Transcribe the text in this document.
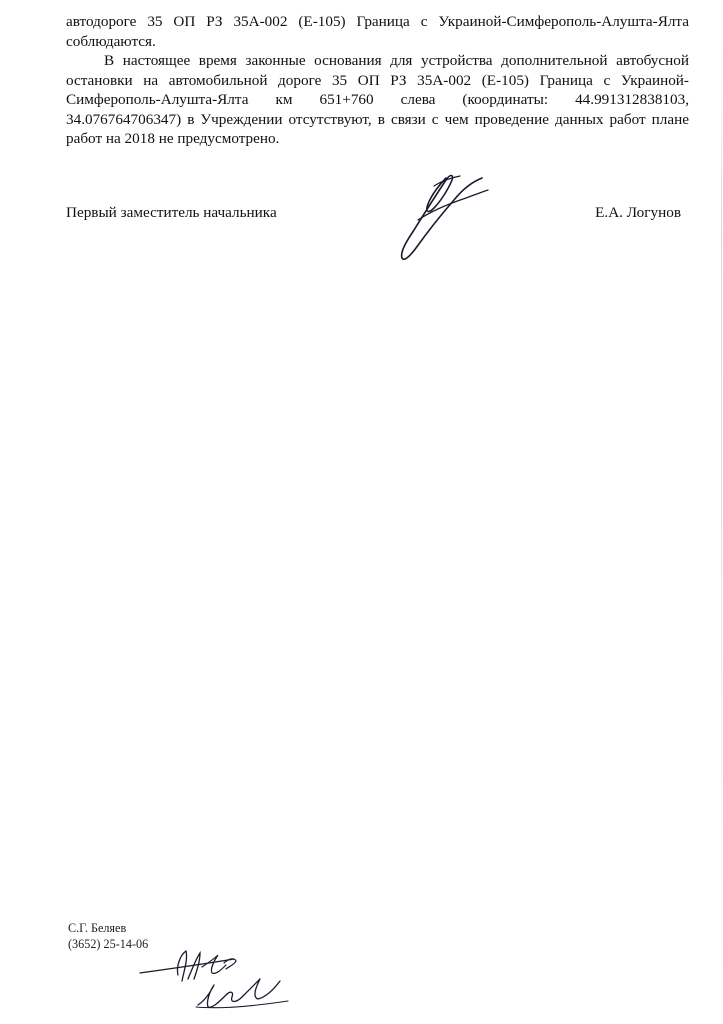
автодороге 35 ОП РЗ 35А-002 (Е-105) Граница с Украиной-Симферополь-Алушта-Ялта соблюдаются.

В настоящее время законные основания для устройства дополнительной автобусной остановки на автомобильной дороге 35 ОП РЗ 35А-002 (Е-105) Граница с Украиной-Симферополь-Алушта-Ялта км 651+760 слева (координаты: 44.991312838103, 34.076764706347) в Учреждении отсутствуют, в связи с чем проведение данных работ плане работ на 2018 не предусмотрено.

Первый заместитель начальника	Е.А. Логунов
С.Г. Беляев
(3652) 25-14-06
